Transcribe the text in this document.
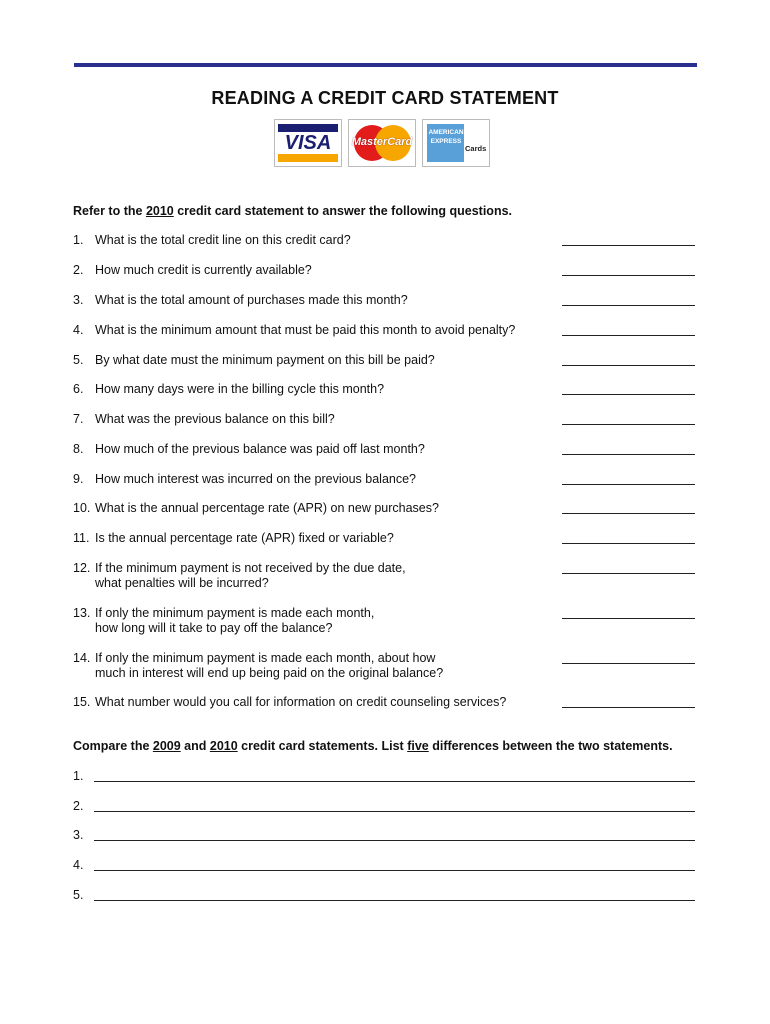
READING A CREDIT CARD STATEMENT
VISA	MasterCard
AMERICAN
EXPRESS
Cards
Refer to the 2010 credit card statement to answer the following questions.
1. What is the total credit line on this credit card?
2. How much credit is currently available?
3. What is the total amount of purchases made this month?
4. What is the minimum amount that must be paid this month to avoid penalty?
5. By what date must the minimum payment on this bill be paid?
6. How many days were in the billing cycle this month?
7. What was the previous balance on this bill?
8. How much of the previous balance was paid off last month?
9. How much interest was incurred on the previous balance?
10. What is the annual percentage rate (APR) on new purchases?
11. Is the annual percentage rate (APR) fixed or variable?
12. If the minimum payment is not received by the due date,
what penalties will be incurred?
13. If only the minimum payment is made each month,
how long will it take to pay off the balance?
14. If only the minimum payment is made each month, about how
much in interest will end up being paid on the original balance?
15. What number would you call for information on credit counseling services?
Compare the 2009 and 2010 credit card statements. List five differences between the two statements.
1.
2.
3.
4.
5.
